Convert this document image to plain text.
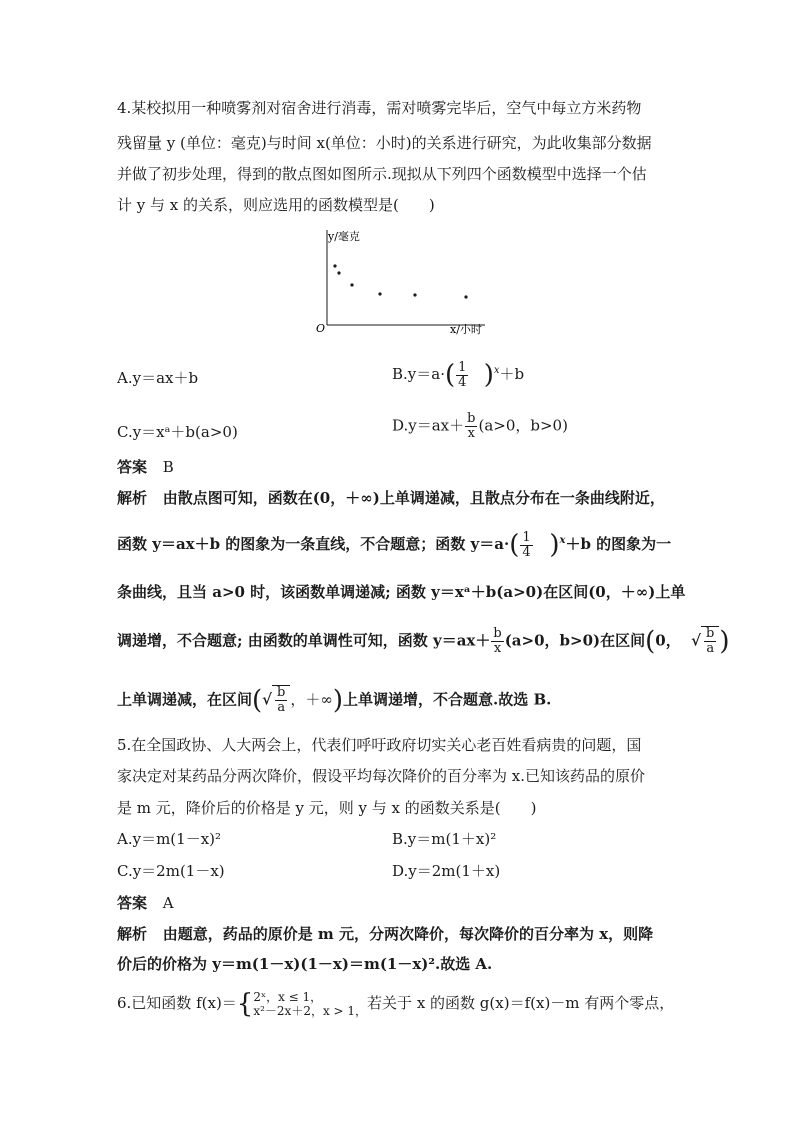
4.某校拟用一种喷雾剂对宿舍进行消毒，需对喷雾完毕后，空气中每立方米药物
残留量 y (单位：毫克)与时间 x(单位：小时)的关系进行研究，为此收集部分数据
并做了初步处理，得到的散点图如图所示.现拟从下列四个函数模型中选择一个估
计 y 与 x 的关系，则应选用的函数模型是(　　)
y/毫克
x/小时
O
A.y＝ax＋b	$B.y=a\cdot( \frac{1}{4} )^x+b$
C.y＝xᵃ＋b(a>0)	$D.y=ax+ \frac{b}{x} (a>0$，b>0)
答案 B
解析 由散点图可知，函数在(0，＋∞)上单调递减，且散点分布在一条曲线附近，
函数 y＝ax＋b 的图象为一条直线，不合题意；函数 $y=a\cdot( \frac{1}{4} )^x+b$ 的图象为一
条曲线，且当 a>0 时，该函数单调递减; 函数 y＝xᵃ＋b(a>0)在区间(0，＋∞)上单
调递增，不合题意; 由函数的单调性可知，函数 $y=ax+ \frac{b}{x} (a>0$，b>0)在区间(0，  √ $\frac{b}{a}$ )
上单调递减，在区间(√ $\frac{b}{a}$ ，＋∞)上单调递增，不合题意.故选 B.
5.在全国政协、人大两会上，代表们呼吁政府切实关心老百姓看病贵的问题，国
家决定对某药品分两次降价，假设平均每次降价的百分率为 x.已知该药品的原价
是 m 元，降价后的价格是 y 元，则 y 与 x 的函数关系是(　　)
A.y＝m(1－x)²	B.y＝m(1＋x)²
C.y＝2m(1－x)	D.y＝2m(1＋x)
答案 A
解析 由题意，药品的原价是 m 元，分两次降价，每次降价的百分率为 x，则降
价后的价格为 y＝m(1－x)(1－x)＝m(1－x)².故选 A.
6.已知函数 f(x)＝{ 2ˣ，x ≤ 1，
x²－2x＋2，x > 1， 若关于 x 的函数 g(x)＝f(x)－m 有两个零点，
